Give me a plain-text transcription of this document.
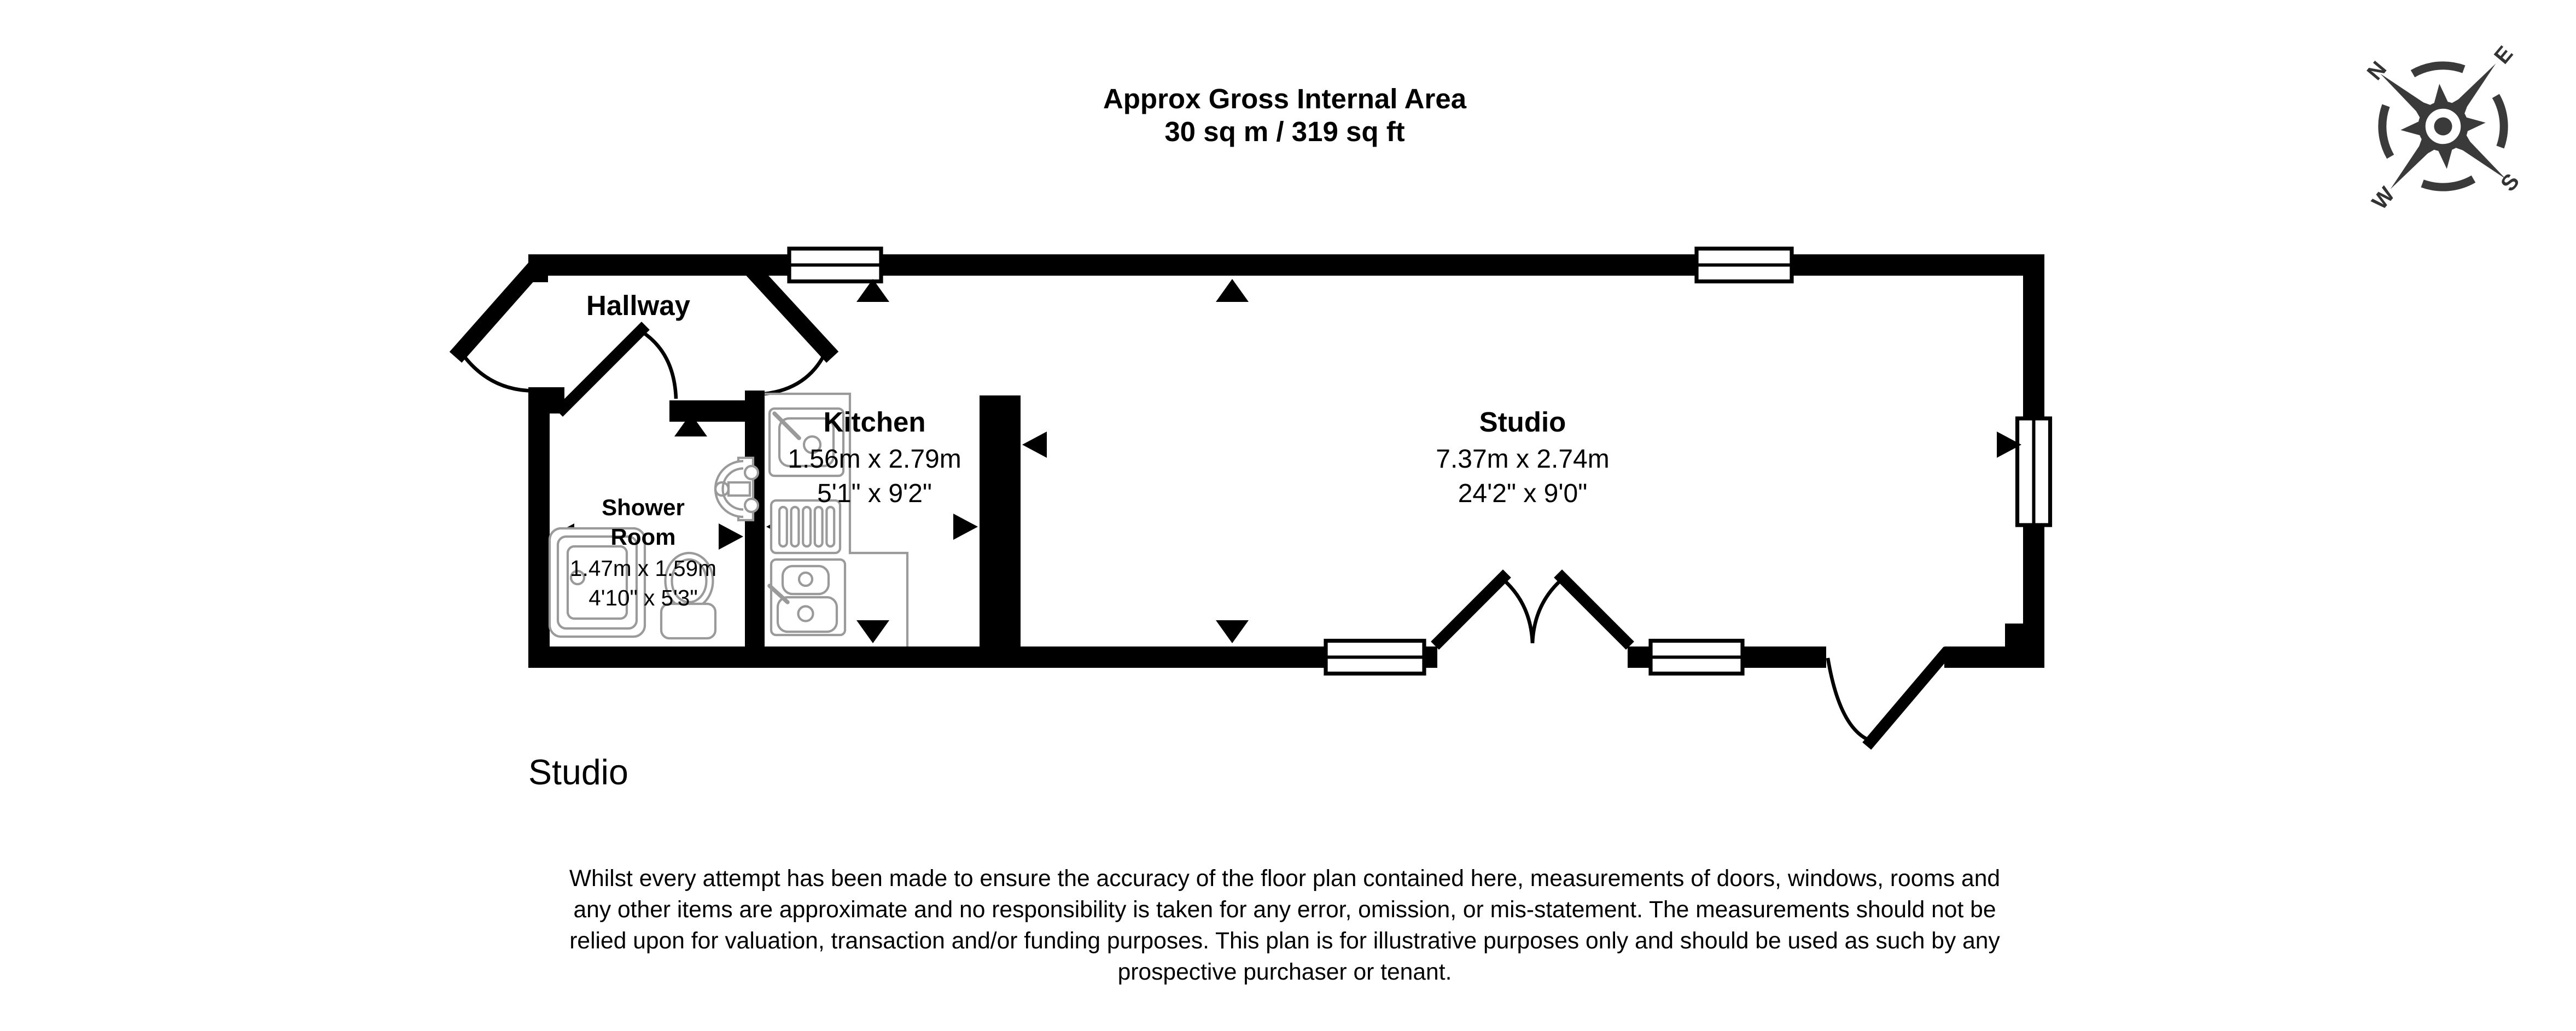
Approx Gross Internal Area
30 sq m / 319 sq ft
N
E
S
W
Hallway
Kitchen
1.56m x 2.79m
5'1" x 9'2"
Shower
Room
1.47m x 1.59m
4'10" x 5'3"
Studio
7.37m x 2.74m
24'2" x 9'0"
Studio
Whilst every attempt has been made to ensure the accuracy of the floor plan contained here, measurements of doors, windows, rooms and
any other items are approximate and no responsibility is taken for any error, omission, or mis-statement. The measurements should not be
relied upon for valuation, transaction and/or funding purposes. This plan is for illustrative purposes only and should be used as such by any
prospective purchaser or tenant.
